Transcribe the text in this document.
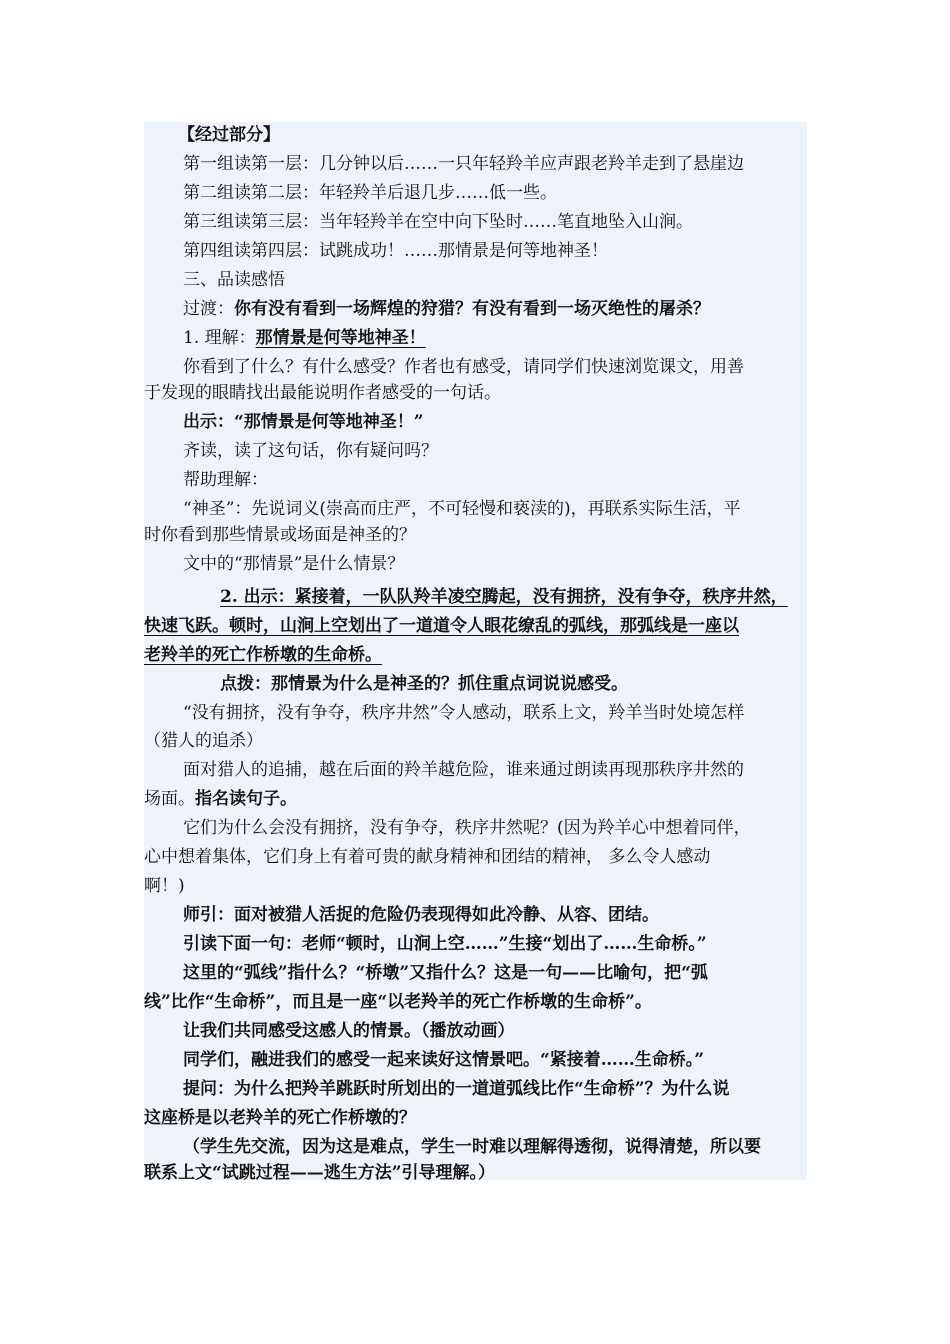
【经过部分】
第一组读第一层：几分钟以后……一只年轻羚羊应声跟老羚羊走到了悬崖边
第二组读第二层：年轻羚羊后退几步……低一些。
第三组读第三层：当年轻羚羊在空中向下坠时……笔直地坠入山涧。
第四组读第四层：试跳成功！……那情景是何等地神圣！
三、品读感悟
过渡：你有没有看到一场辉煌的狩猎？有没有看到一场灭绝性的屠杀？
1. 理解：那情景是何等地神圣！
你看到了什么？有什么感受？作者也有感受，请同学们快速浏览课文，用善
于发现的眼睛找出最能说明作者感受的一句话。
出示：“那情景是何等地神圣！”
齐读，读了这句话，你有疑问吗？
帮助理解：
“神圣”：先说词义(崇高而庄严，不可轻慢和亵渎的)，再联系实际生活，平
时你看到那些情景或场面是神圣的？
文中的“那情景”是什么情景？
2. 出示：紧接着，一队队羚羊凌空腾起，没有拥挤，没有争夺，秩序井然，
快速飞跃。顿时，山涧上空划出了一道道令人眼花缭乱的弧线，那弧线是一座以
老羚羊的死亡作桥墩的生命桥。
点拨：那情景为什么是神圣的？抓住重点词说说感受。
“没有拥挤，没有争夺，秩序井然”令人感动，联系上文，羚羊当时处境怎样
（猎人的追杀）
面对猎人的追捕，越在后面的羚羊越危险，谁来通过朗读再现那秩序井然的
场面。指名读句子。
它们为什么会没有拥挤，没有争夺，秩序井然呢？(因为羚羊心中想着同伴，
心中想着集体，它们身上有着可贵的献身精神和团结的精神， 多么令人感动
啊！)
师引：面对被猎人活捉的危险仍表现得如此冷静、从容、团结。
引读下面一句：老师“顿时，山涧上空……”生接“划出了……生命桥。”
这里的“弧线”指什么？“桥墩”又指什么？这是一句——比喻句，把“弧
线”比作“生命桥”，而且是一座“以老羚羊的死亡作桥墩的生命桥”。
让我们共同感受这感人的情景。（播放动画）
同学们，融进我们的感受一起来读好这情景吧。“紧接着……生命桥。”
提问：为什么把羚羊跳跃时所划出的一道道弧线比作“生命桥”？为什么说
这座桥是以老羚羊的死亡作桥墩的？
（学生先交流，因为这是难点，学生一时难以理解得透彻，说得清楚，所以要
联系上文“试跳过程——逃生方法”引导理解。）
